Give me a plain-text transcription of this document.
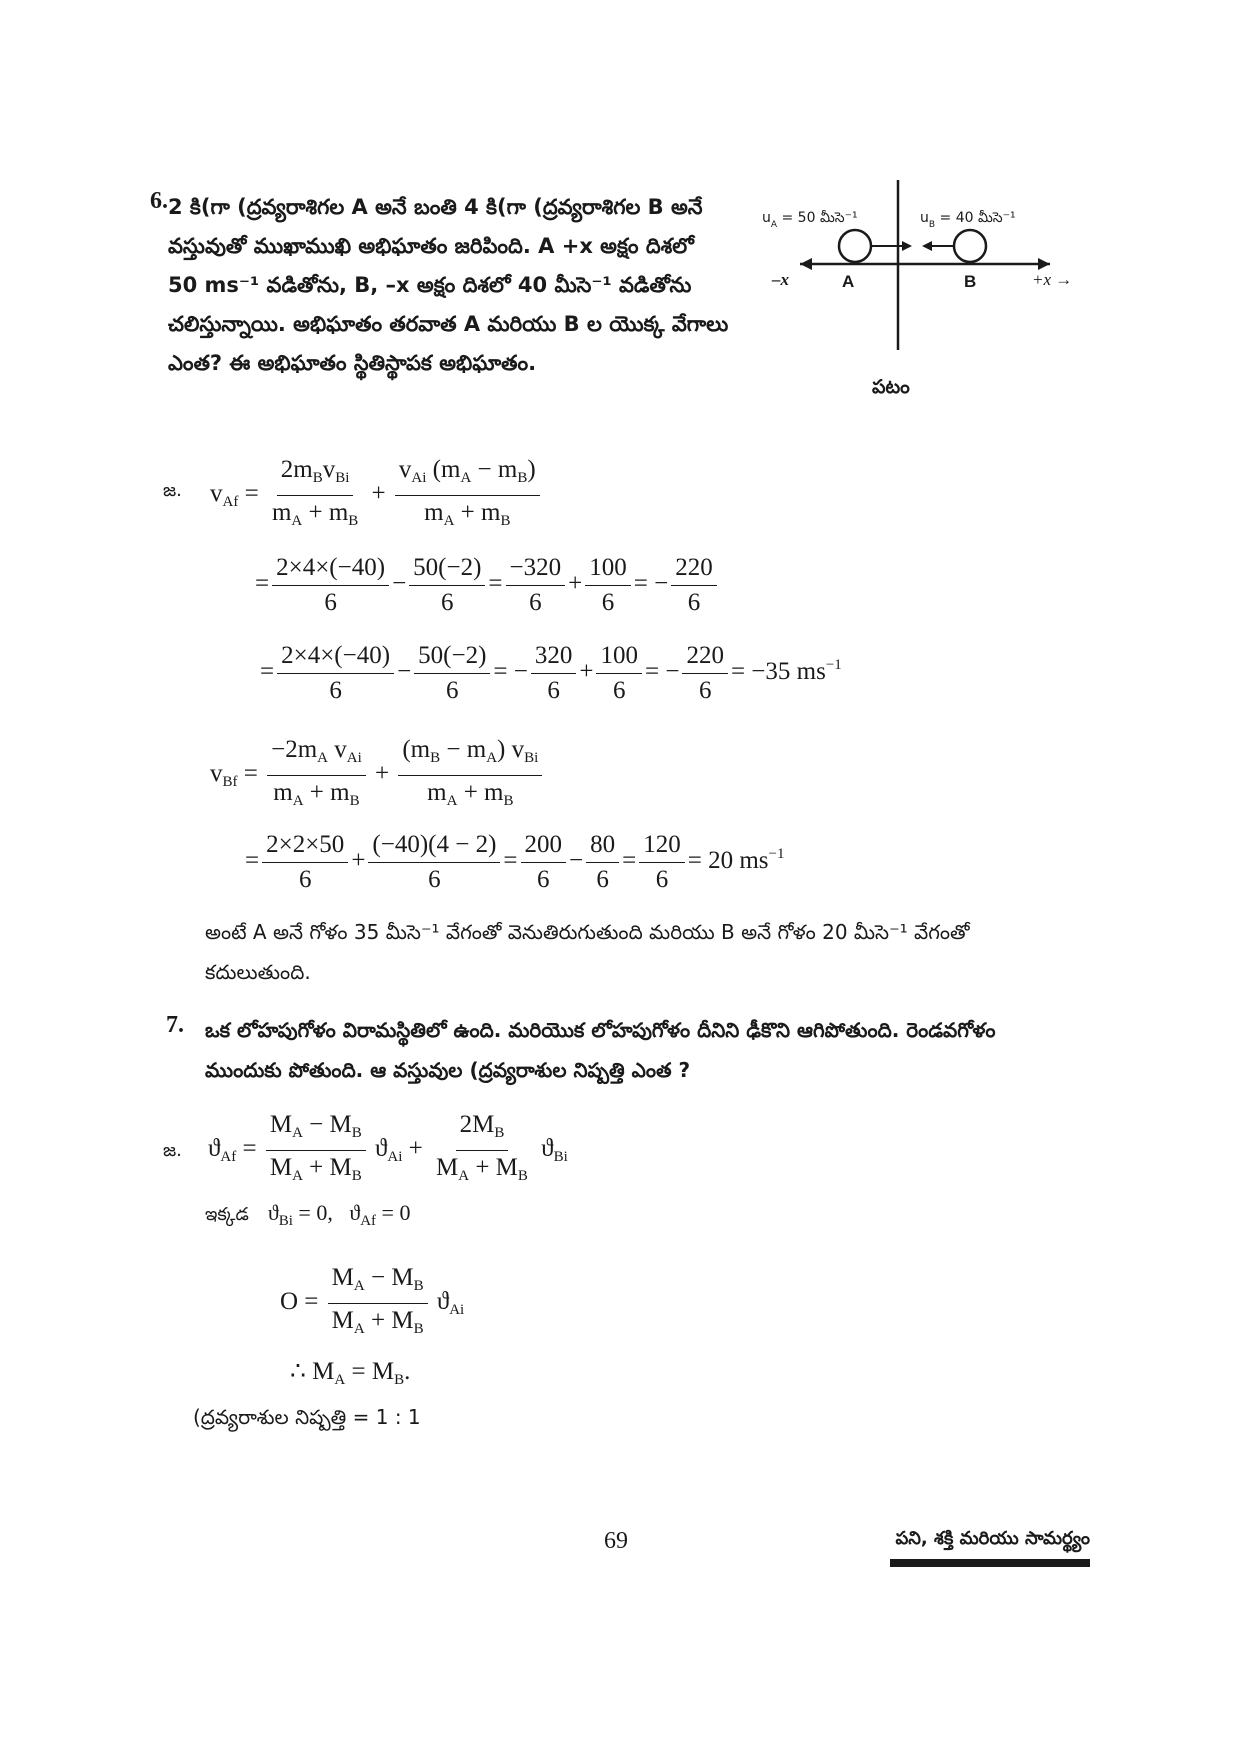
6. 2 కి(గా (ద్రవ్యరాశిగల A అనే బంతి 4 కి(గా (ద్రవ్యరాశిగల B అనే
వస్తువుతో ముఖాముఖి అభిఘాతం జరిపింది. A +x అక్షం దిశలో
50 ms⁻¹ వడితోను, B, –x అక్షం దిశలో 40 మీసె⁻¹ వడితోను
చలిస్తున్నాయి. అభిఘాతం తరవాత A మరియు B ల యొక్క వేగాలు
ఎంత? ఈ అభిఘాతం స్థితిస్థాపక అభిఘాతం.
$u_A = 50$ మీసె⁻¹	$u_B = 40$ మీసె⁻¹
–x	A	B	+x →
పటం
జ. $v_{Af} = \frac{2m_Bv_{Bi}}{m_A + m_B} + \frac{v_{Ai} (m_A - m_B)}{m_A + m_B}$
= $\frac{2\times 4\times(-40)}{6} - \frac{50(-2)}{6} = \frac{-320}{6} + \frac{100}{6}$ = − $\frac{220}{6}$
= $\frac{2\times 4\times(-40)}{6} - \frac{50(-2)}{6}$ = − $\frac{320}{6} + \frac{100}{6}$ = − $\frac{220}{6} = -35$ $ms^{-1}$
$v_{Bf} = \frac{-2m_A v_{Ai}}{m_A + m_B} + \frac{(m_B - m_A) v_{Bi}}{m_A + m_B}$
= $\frac{2\times 2\times 50}{6} + \frac{(-40)(4 - 2)}{6} = \frac{200}{6} - \frac{80}{6} = \frac{120}{6} = 20$ $ms^{-1}$
అంటే A అనే గోళం 35 మీసె⁻¹ వేగంతో వెనుతిరుగుతుంది మరియు B అనే గోళం 20 మీసె⁻¹ వేగంతో
కదులుతుంది.
7. ఒక లోహపుగోళం విరామస్థితిలో ఉంది. మరియొక లోహపుగోళం దీనిని ఢీకొని ఆగిపోతుంది. రెండవగోళం
ముందుకు పోతుంది. ఆ వస్తువుల (ద్రవ్యరాశుల నిష్పత్తి ఎంత ?
జ. $ϑ_{Af} = \frac{M_A - M_B}{M_A + M_B} ϑ_{Ai} + \frac{2M_B}{M_A + M_B} ϑ_{Bi}$
ఇక్కడ $ϑ_{Bi} = 0$,   $ϑ_{Af} = 0$
$O = \frac{M_A - M_B}{M_A + M_B} ϑ_{Ai}$
∴ $M_A = M_B$.
(ద్రవ్యరాశుల నిష్పత్తి = 1 : 1
69	పని, శక్తి మరియు సామర్థ్యం
